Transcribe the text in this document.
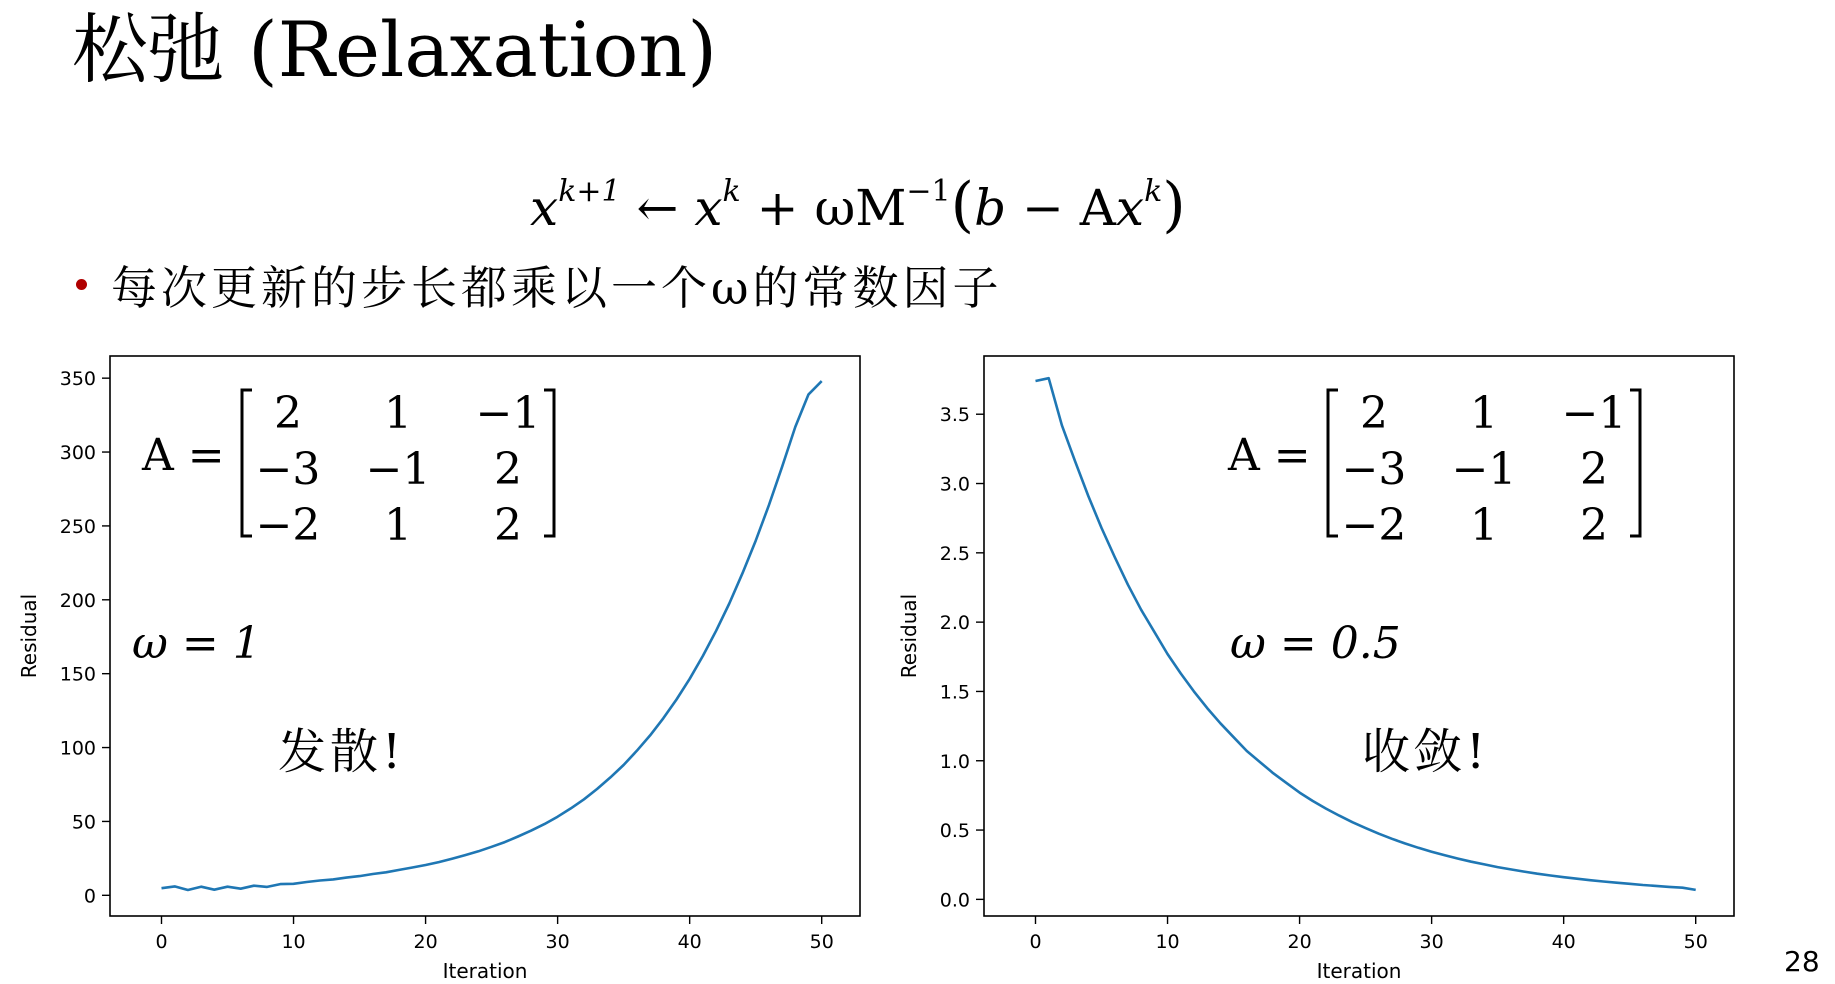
松弛 (Relaxation)
$x^{k+1}$ ← $x^k + \omega M^{-1}(b - Ax^k)$
每次更新的步长都乘以一个ω的常数因子
0	10	20	30	40	50
0
50
100
150
200
250
300
350
Iteration
Residual
A =
2 1 −1
−3 −1 2
−2 1 2
ω = 1
发散!
0	10	20	30	40	50
0.0
0.5
1.0
1.5
2.0
2.5
3.0
3.5
Iteration
Residual
A =
2 1 −1
−3 −1 2
−2 1 2
ω = 0.5
收敛!
28
